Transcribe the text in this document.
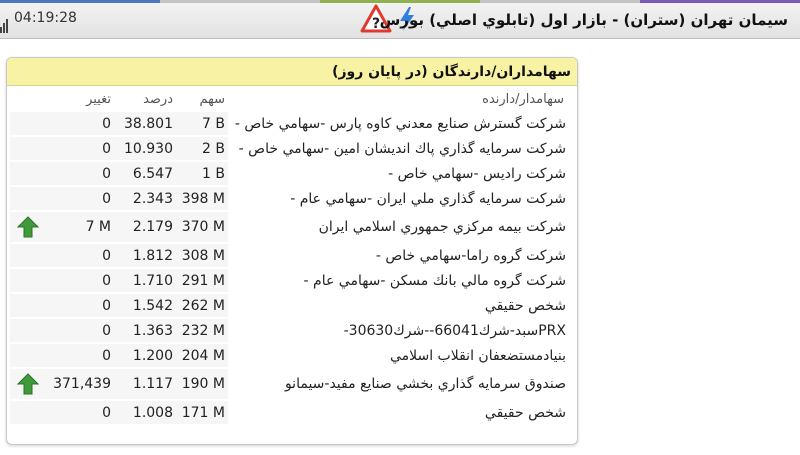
04:19:28	? سيمان تهران (ستران) - بازار اول (تابلوي اصلي) بورس
سهامداران/دارندگان (در پايان روز)
	تغيير	درصد	سهم	سهامدار/دارنده
	0	38.801	7 B	شركت گسترش صنايع معدني كاوه پارس -سهامي خاص -
	0	10.930	2 B	شركت سرمايه گذاري پاك انديشان امين -سهامي خاص -
	0	6.547	1 B	شركت راديس -سهامي خاص -
	0	2.343	398 M	شركت سرمايه گذاري ملي ايران -سهامي عام -
	7 M	2.179	370 M	شركت بيمه مركزي جمهوري اسلامي ايران
	0	1.812	308 M	شركت گروه راما-سهامي خاص -
	0	1.710	291 M	شركت گروه مالي بانك مسكن -سهامي عام -
	0	1.542	262 M	شخص حقيقي
	0	1.363	232 M	PRXسبد-شرك66041--شرك30630-
	0	1.200	204 M	بنيادمستضعفان انقلاب اسلامي
	371,439	1.117	190 M	صندوق سرمايه گذاري بخشي صنايع مفيد-سيمانو
	0	1.008	171 M	شخص حقيقي
